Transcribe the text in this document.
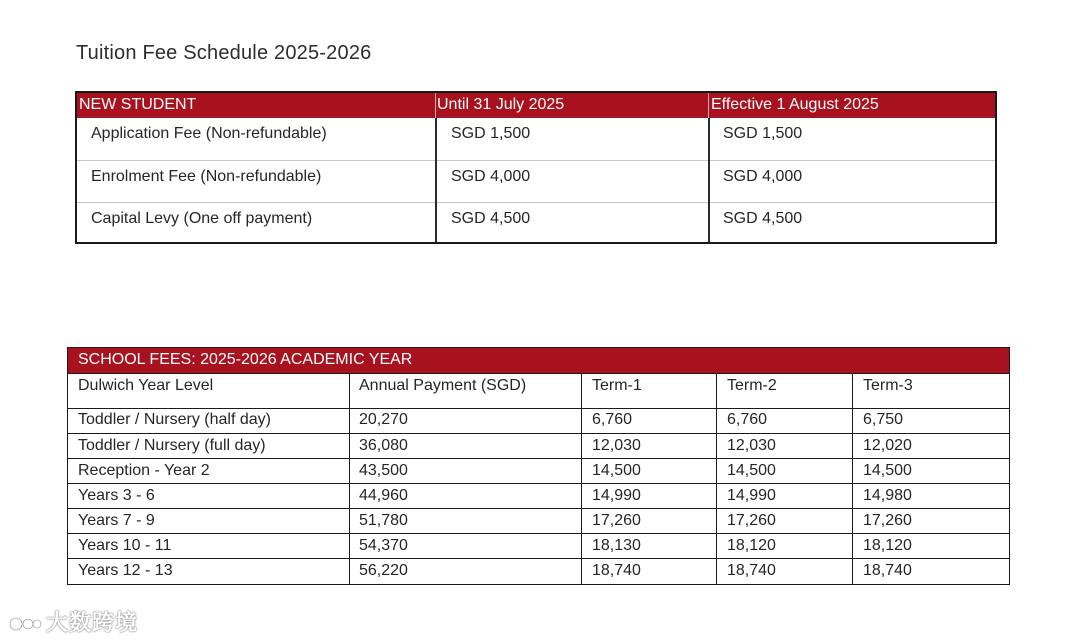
Tuition Fee Schedule 2025-2026
NEW STUDENT	Until 31 July 2025	Effective 1 August 2025
Application Fee (Non-refundable)	SGD 1,500	SGD 1,500
Enrolment Fee (Non-refundable)	SGD 4,000	SGD 4,000
Capital Levy (One off payment)	SGD 4,500	SGD 4,500
SCHOOL FEES: 2025-2026 ACADEMIC YEAR
Dulwich Year Level	Annual Payment (SGD)	Term-1	Term-2	Term-3
Toddler / Nursery (half day)	20,270	6,760	6,760	6,750
Toddler / Nursery (full day)	36,080	12,030	12,030	12,020
Reception - Year 2	43,500	14,500	14,500	14,500
Years 3 - 6	44,960	14,990	14,990	14,980
Years 7 - 9	51,780	17,260	17,260	17,260
Years 10 - 11	54,370	18,130	18,120	18,120
Years 12 - 13	56,220	18,740	18,740	18,740
大数跨境
